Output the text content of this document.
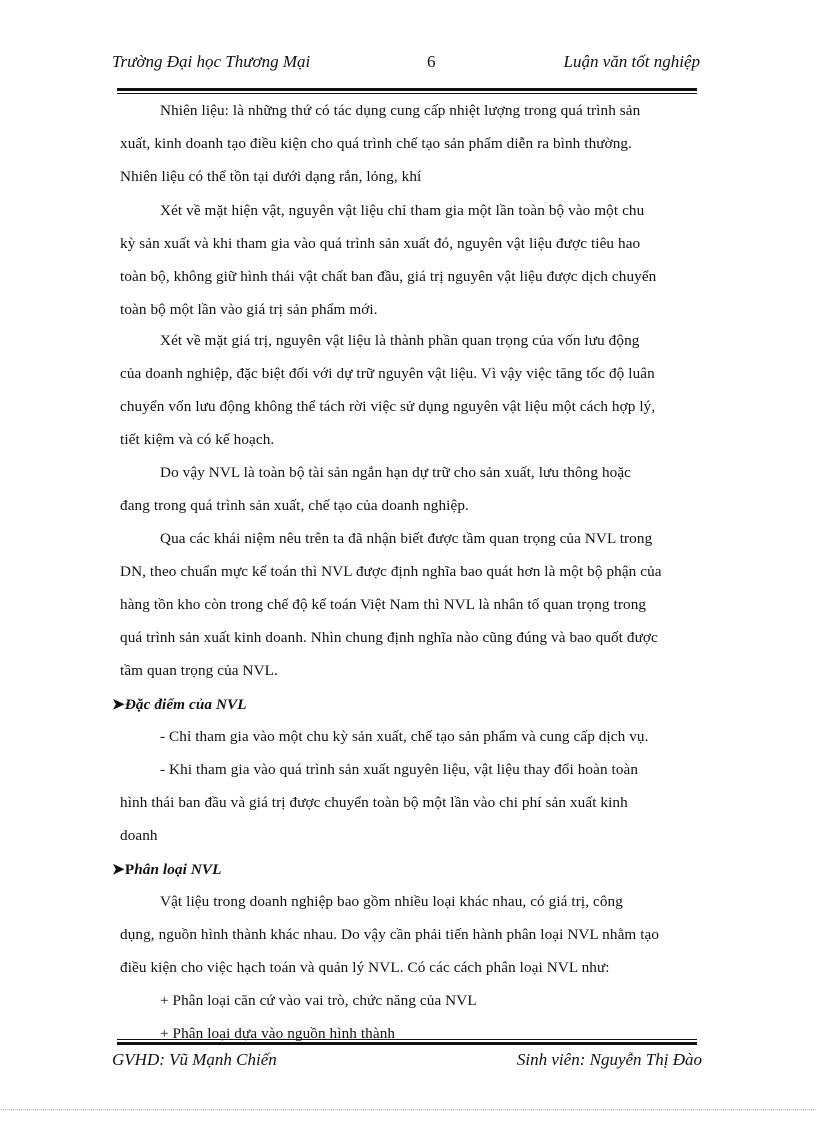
Trường Đại học Thương Mại	6	Luận văn tốt nghiệp
Nhiên liệu: là những thứ có tác dụng cung cấp nhiệt lượng trong quá trình sản
xuất, kinh doanh tạo điều kiện cho quá trình chế tạo sản phẩm diễn ra bình thường.
Nhiên liệu có thể tồn tại dưới dạng rắn, lỏng, khí
Xét về mặt hiện vật, nguyên vật liệu chỉ tham gia một lần toàn bộ vào một chu
kỳ sản xuất và khi tham gia vào quá trình sản xuất đó, nguyên vật liệu được tiêu hao
toàn bộ, không giữ hình thái vật chất ban đầu, giá trị nguyên vật liệu được dịch chuyển
toàn bộ một lần vào giá trị sản phẩm mới.
Xét về mặt giá trị, nguyên vật liệu là thành phần quan trọng của vốn lưu động
của doanh nghiệp, đặc biệt đối với dự trữ nguyên vật liệu. Vì vậy việc tăng tốc độ luân
chuyển vốn lưu động không thể tách rời việc sử dụng nguyên vật liệu một cách hợp lý,
tiết kiệm và có kế hoạch.
Do vậy NVL là toàn bộ tài sản ngắn hạn dự trữ cho sản xuất, lưu thông hoặc
đang trong quá trình sản xuất, chế tạo của doanh nghiệp.
Qua các khái niệm nêu trên ta đã nhận biết được tầm quan trọng của NVL trong
DN, theo chuẩn mực kế toán thì NVL được định nghĩa bao quát hơn là một bộ phận của
hàng tồn kho còn trong chế độ kế toán Việt Nam thì NVL là nhân tố quan trọng trong
quá trình sản xuất kinh doanh. Nhìn chung định nghĩa nào cũng đúng và bao quốt được
tầm quan trọng của NVL.
➤Đặc điểm của NVL
- Chỉ tham gia vào một chu kỳ sản xuất, chế tạo sản phẩm và cung cấp dịch vụ.
- Khi tham gia vào quá trình sản xuất nguyên liệu, vật liệu thay đổi hoàn toàn
hình thái ban đầu và giá trị được chuyển toàn bộ một lần vào chi phí sản xuất kinh
doanh
➤Phân loại NVL
Vật liệu trong doanh nghiệp bao gồm nhiều loại khác nhau, có giá trị, công
dụng, nguồn hình thành khác nhau. Do vậy cần phải tiến hành phân loại NVL nhằm tạo
điều kiện cho việc hạch toán và quản lý NVL. Có các cách phân loại NVL như:
+ Phân loại căn cứ vào vai trò, chức năng của NVL
+ Phân loại dựa vào nguồn hình thành
GVHD: Vũ Mạnh Chiến	Sinh viên: Nguyễn Thị Đào
